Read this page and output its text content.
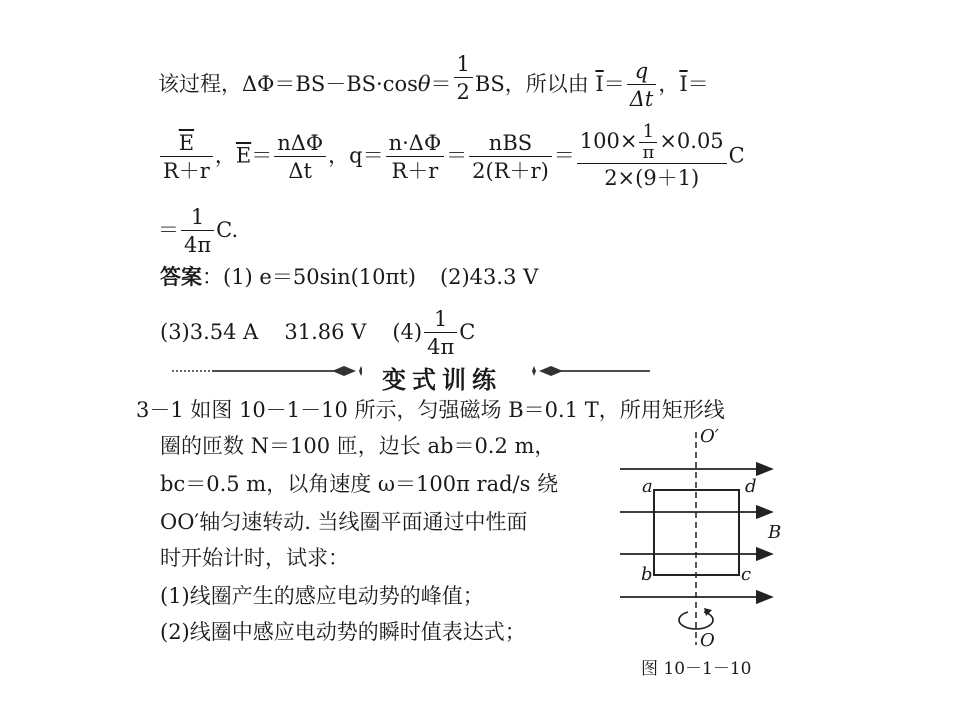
该过程，$\Delta\Phi=BS-BS\cdot\cos\theta= \frac{1}{2}$ BS，所以由 $\overline{I}= \frac{q}{\Delta t}$ ，$\overline{I}=$
$\frac{\overline{E}}{R+r}$ ，$\overline{E}= \frac{\text{nΔΦ}}{\Delta t}$ ，$q= \frac{n\cdot\Delta\Phi}{R+r} = \frac{\text{nBS}}{2(R+r)} = \frac{100\times \frac{1}{\pi} \times 0.05}{2\times(9+1)}$ C
＝ $\frac{1}{4\pi} C$.
答案：(1) e＝50sin(10πt) (2)43.3 V
(3)3.54 A 31.86 V $(4) \frac{1}{4\pi}$ C
变式训练
3－1 如图 10－1－10 所示，匀强磁场 B＝0.1 T，所用矩形线
圈的匝数 N＝100 匝，边长 ab＝0.2 m，
bc＝0.5 m，以角速度 ω＝100π rad/s 绕
OO′轴匀速转动. 当线圈平面通过中性面
时开始计时，试求：
(1)线圈产生的感应电动势的峰值；
(2)线圈中感应电动势的瞬时值表达式；
O′
a	d
B
b	c
O
图 10－1－10
